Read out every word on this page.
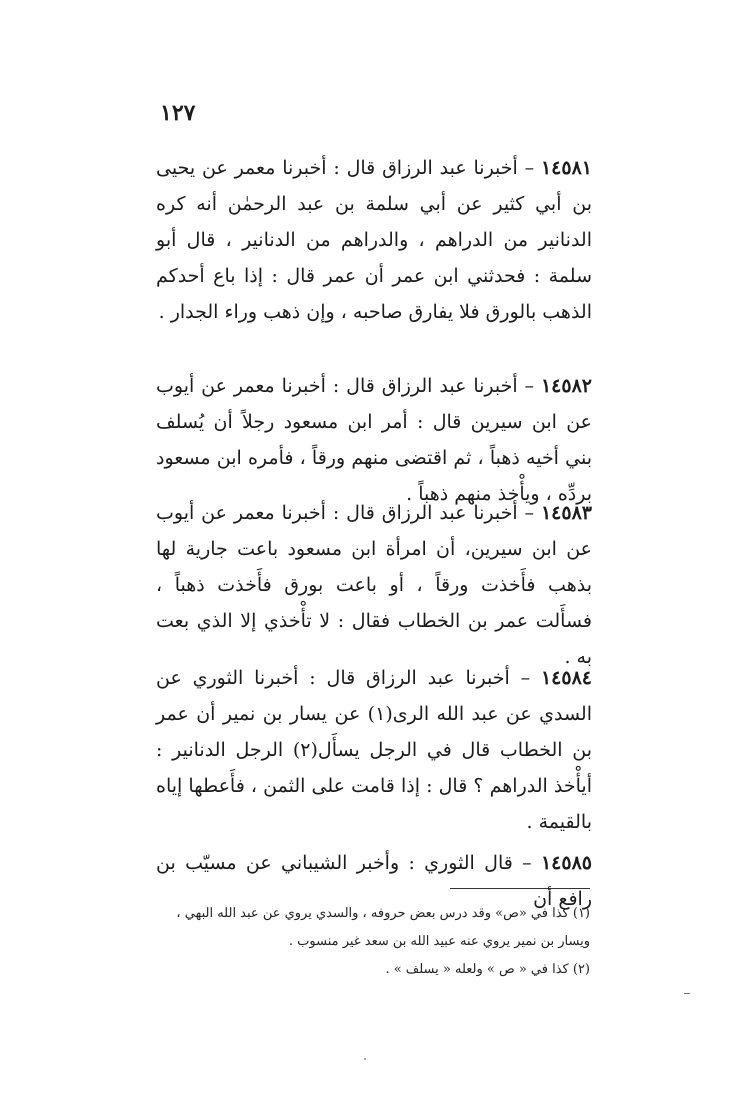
١٢٧

١٤٥٨١ – أخبرنا عبد الرزاق قال : أخبرنا معمر عن يحيى بن أبي كثير عن أبي سلمة بن عبد الرحمٰن أنه كره الدنانير من الدراهم ، والدراهم من الدنانير ، قال أبو سلمة : فحدثني ابن عمر أن عمر قال : إذا باع أحدكم الذهب بالورق فلا يفارق صاحبه ، وإن ذهب وراء الجدار .

١٤٥٨٢ – أخبرنا عبد الرزاق قال : أخبرنا معمر عن أيوب عن ابن سيرين قال : أمر ابن مسعود رجلاً أن يُسلف بني أخيه ذهباً ، ثم اقتضى منهم ورقاً ، فأمره ابن مسعود بردِّه ، ويأْخذ منهم ذهباً .

١٤٥٨٣ – أخبرنا عبد الرزاق قال : أخبرنا معمر عن أيوب عن ابن سيرين، أن امرأة ابن مسعود باعت جارية لها بذهب فأَخذت ورقاً ، أو باعت بورق فأَخذت ذهباً ، فسأَلت عمر بن الخطاب فقال : لا تأْخذي إلا الذي بعت به .

١٤٥٨٤ – أخبرنا عبد الرزاق قال : أخبرنا الثوري عن السدي عن عبد الله الرى(١) عن يسار بن نمير أن عمر بن الخطاب قال في الرجل يسأَل(٢) الرجل الدنانير : أيأْخذ الدراهم ؟ قال : إذا قامت على الثمن ، فأَعطها إياه بالقيمة .

١٤٥٨٥ – قال الثوري : وأخبر الشيباني عن مسيّب بن رافع أن

(١) كذا في «ص» وقد درس بعض حروفه ، والسدي يروي عن عبد الله البهي ،

ويسار بن نمير يروي عنه عبيد الله بن سعد غير منسوب .

(٢) كذا في « ص » ولعله « يسلف » .
